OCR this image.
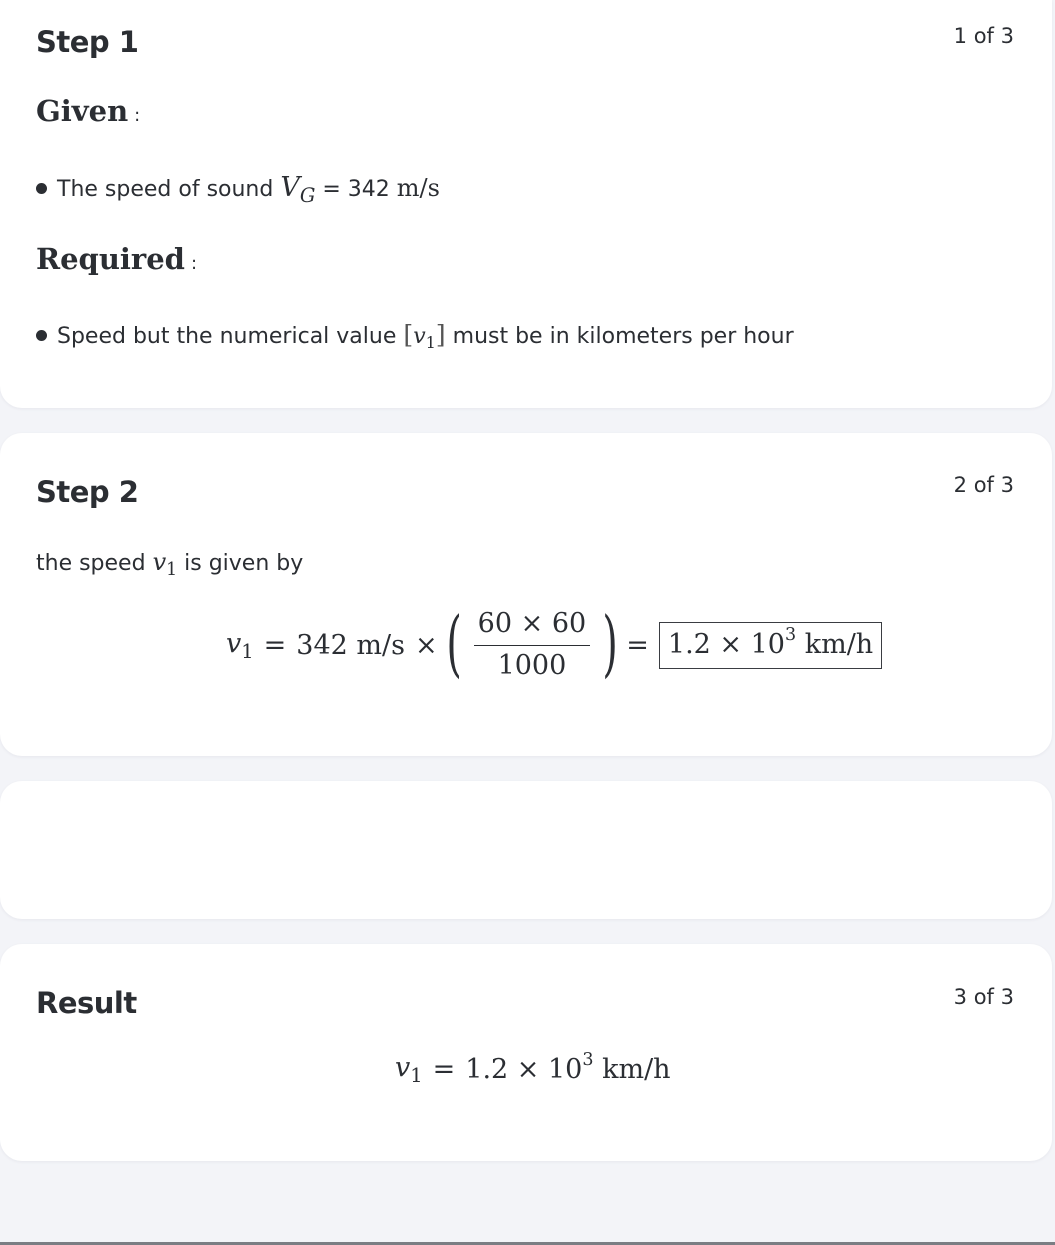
Step 1	1 of 3
Given :
The speed of sound $V_G = 342$ m/s
Required :
Speed but the numerical value $[v_1]$ must be in kilometers per hour
Step 2	2 of 3
the speed $v_1$ is given by
$v_1 = 342$ m/s × ( $\frac{60 \times 60}{1000}$ ) = $1.2 \times 10^3$ km/h
Result	3 of 3
$v_1 = 1.2 \times 10^3$ km/h
